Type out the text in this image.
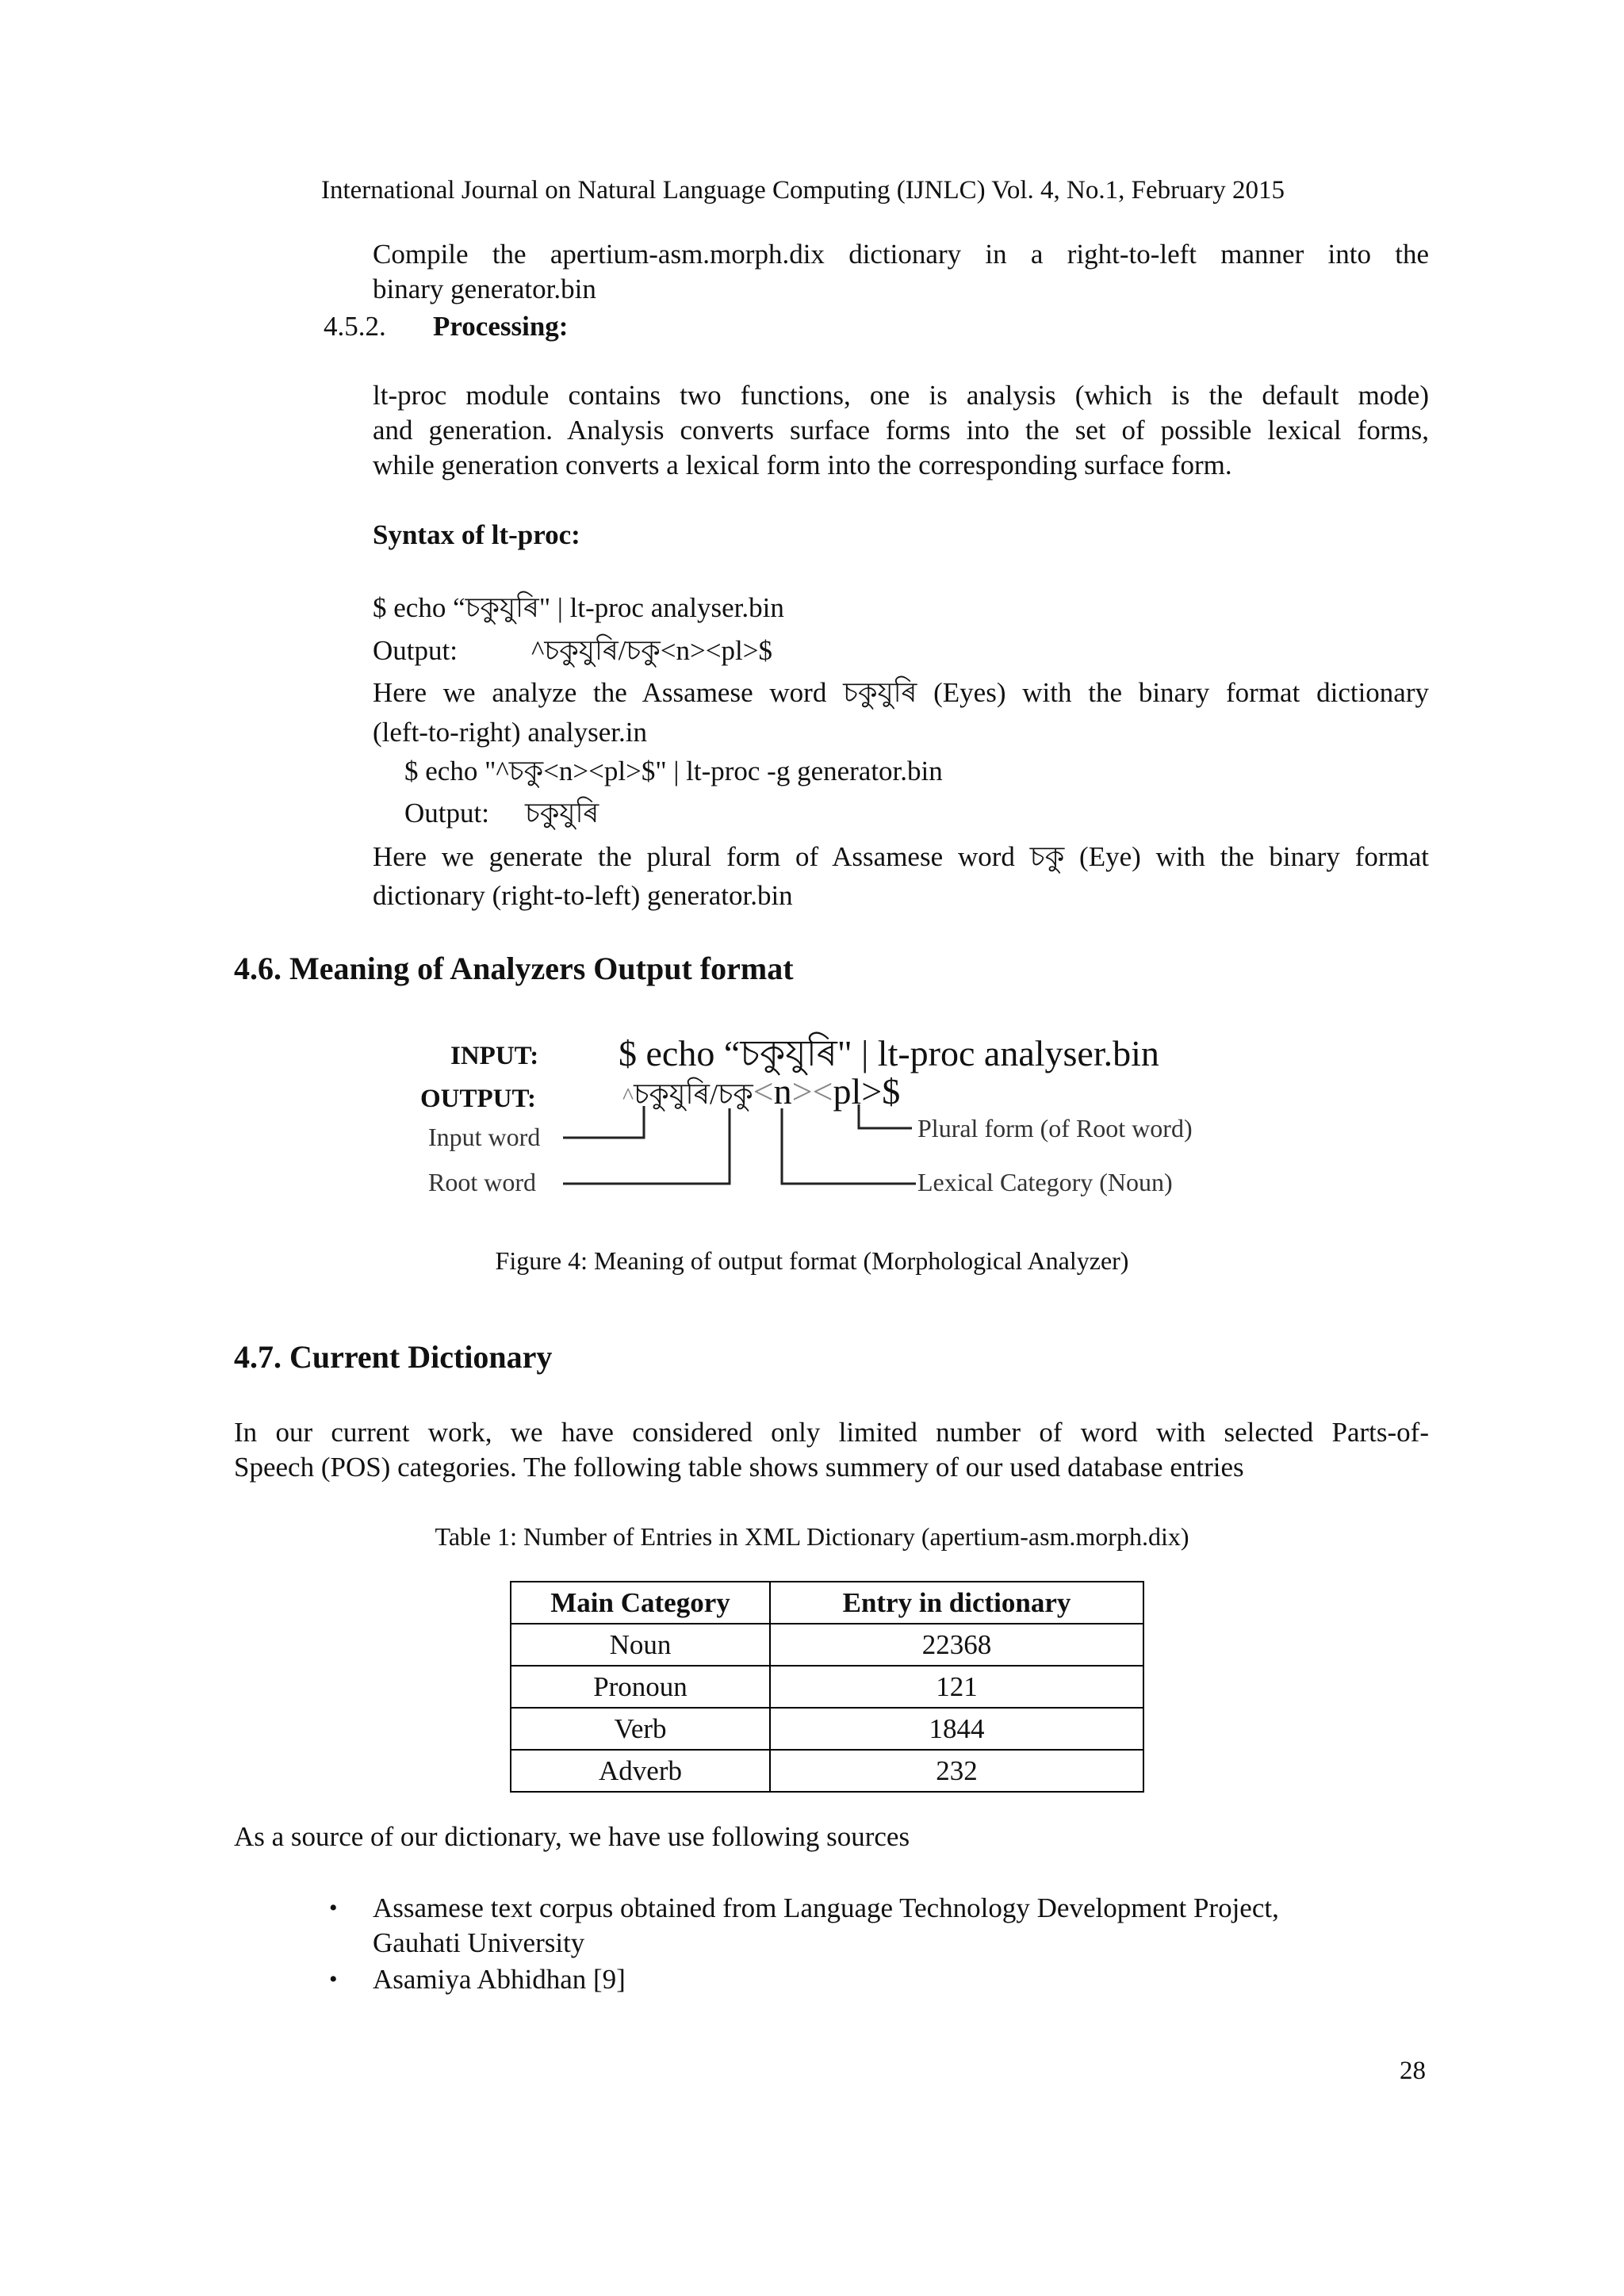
International Journal on Natural Language Computing (IJNLC) Vol. 4, No.1, February 2015
Compile the apertium-asm.morph.dix dictionary in a right-to-left manner into the
binary generator.bin
4.5.2. Processing:
lt-proc module contains two functions, one is analysis (which is the default mode)
and generation. Analysis converts surface forms into the set of possible lexical forms,
while generation converts a lexical form into the corresponding surface form.
Syntax of lt-proc:
$ echo “চকুযুৰি" | lt-proc analyser.bin
Output:	^চকুযুৰি/চকু<n><pl>$
Here we analyze the Assamese word চকুযুৰি (Eyes) with the binary format dictionary
(left-to-right) analyser.in
$ echo "^চকু<n><pl>$" | lt-proc -g generator.bin
Output: চকুযুৰি
Here we generate the plural form of Assamese word চকু (Eye) with the binary format
dictionary (right-to-left) generator.bin
4.6. Meaning of Analyzers Output format
INPUT: $ echo “চকুযুৰি" | lt-proc analyser.bin
OUTPUT:	^চকুযুৰি/চকু<n><pl>$
Input word
Root word
Plural form (of Root word)
Lexical Category (Noun)
Figure 4: Meaning of output format (Morphological Analyzer)
4.7. Current Dictionary
In our current work, we have considered only limited number of word with selected Parts-of-
Speech (POS) categories. The following table shows summery of our used database entries
Table 1: Number of Entries in XML Dictionary (apertium-asm.morph.dix)
Main Category	Entry in dictionary
Noun	22368
Pronoun	121
Verb	1844
Adverb	232
As a source of our dictionary, we have use following sources
• Assamese text corpus obtained from Language Technology Development Project,
Gauhati University
• Asamiya Abhidhan [9]
28
